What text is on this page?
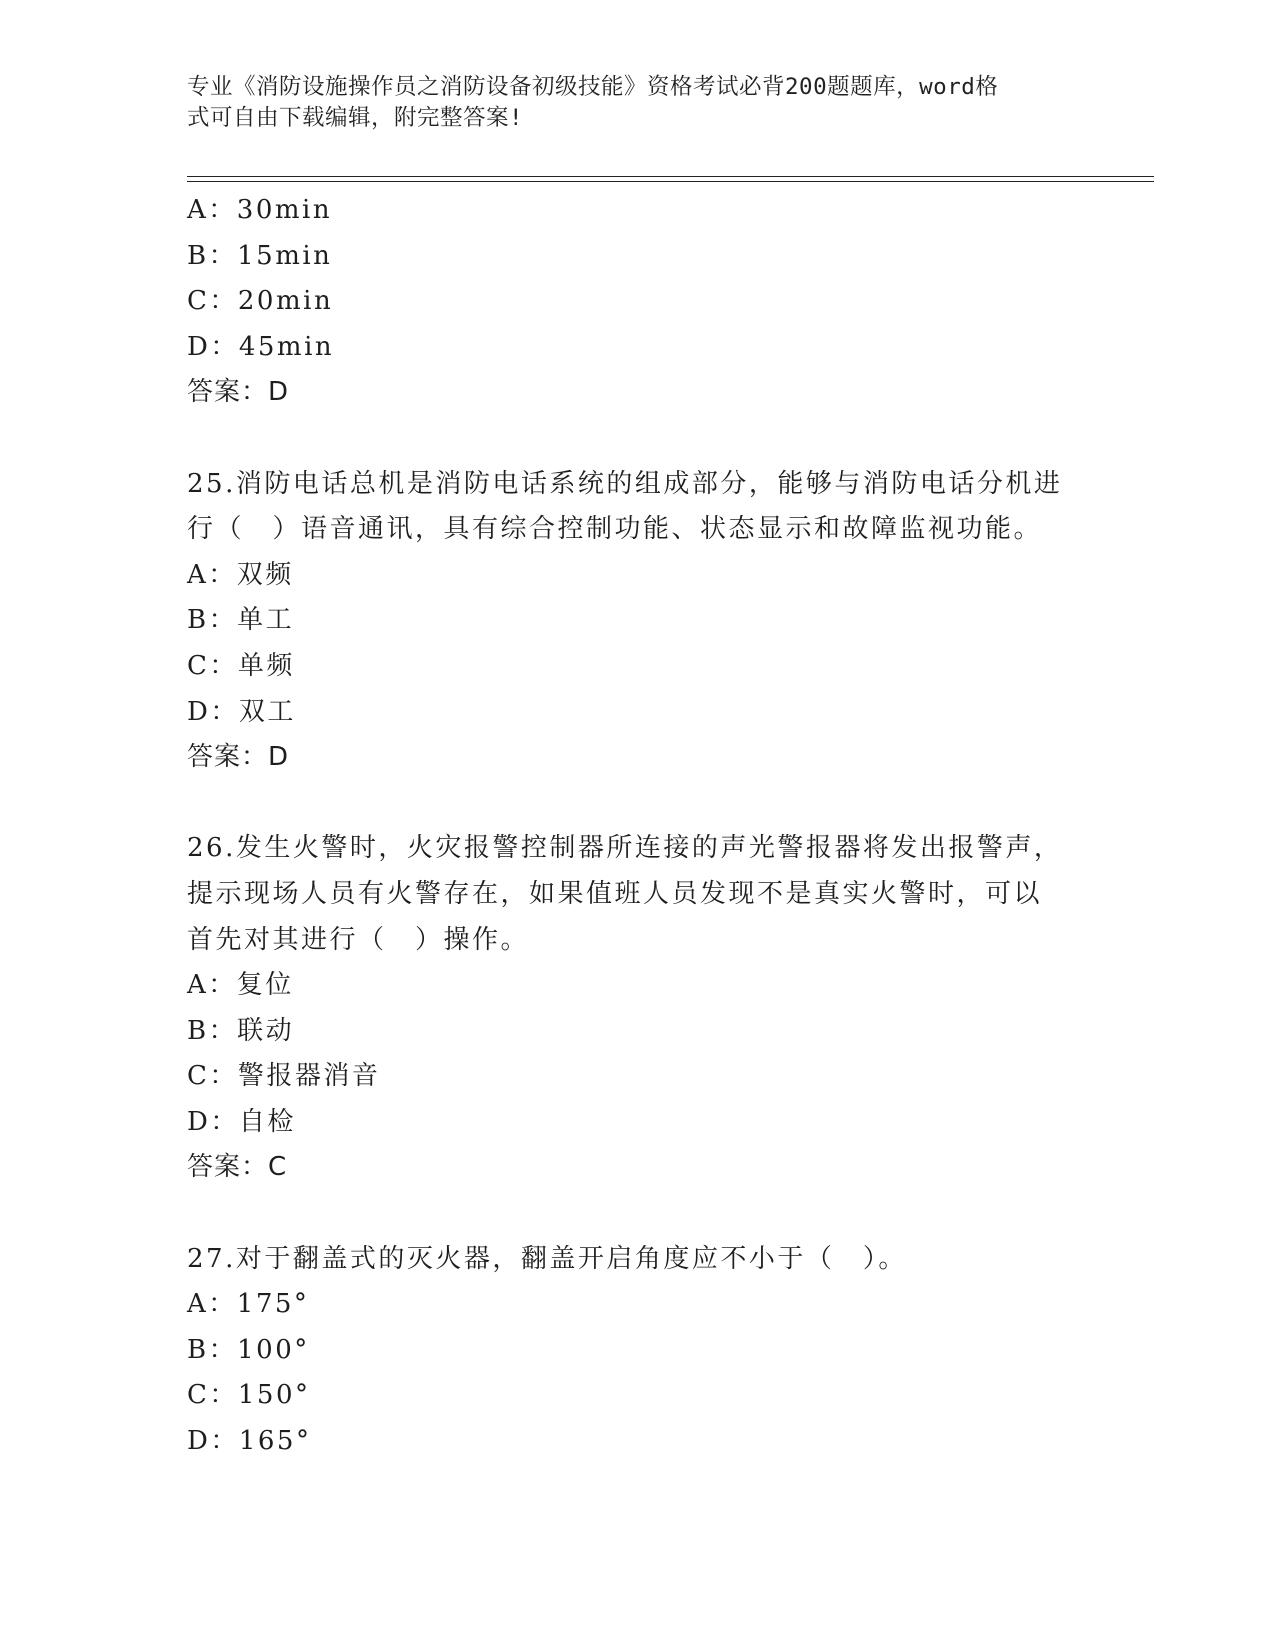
专业《消防设施操作员之消防设备初级技能》资格考试必背200题题库，word格
式可自由下载编辑，附完整答案!
A：30min
B：15min
C：20min
D：45min
答案：D
25.消防电话总机是消防电话系统的组成部分，能够与消防电话分机进
行（　）语音通讯，具有综合控制功能、状态显示和故障监视功能。
A：双频
B：单工
C：单频
D：双工
答案：D
26.发生火警时，火灾报警控制器所连接的声光警报器将发出报警声，
提示现场人员有火警存在，如果值班人员发现不是真实火警时，可以
首先对其进行（　）操作。
A：复位
B：联动
C：警报器消音
D：自检
答案：C
27.对于翻盖式的灭火器，翻盖开启角度应不小于（　）。
A：175°
B：100°
C：150°
D：165°
